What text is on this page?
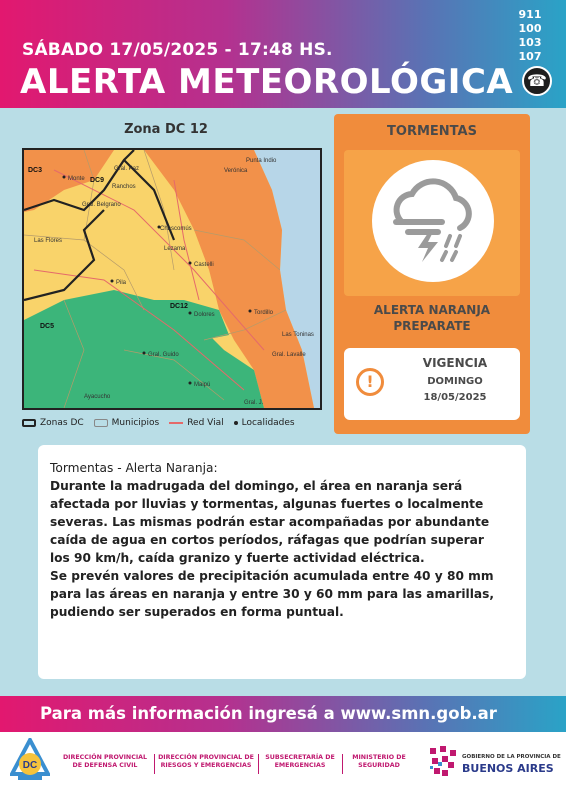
SÁBADO 17/05/2025 - 17:48 HS.
ALERTA METEOROLÓGICA
911
100
103
107
☎
Zona DC 12
DC3
DC9
DC12
DC5
Monte
Gral. Paz
Ranchos
Chascomús
Punta Indio
Verónica
Gral. Belgrano
Lezama
Las Flores
Castelli
Pila
Dolores	Tordillo
Las Toninas
Gral. Guido	Gral. Lavalle
Maipú
Ayacucho
Gral. J.
Zonas DC	Municipios	Red Vial Localidades
TORMENTAS
ALERTA NARANJA
PREPARATE
!
VIGENCIA
DOMINGO
18/05/2025
Tormentas - Alerta Naranja:
Durante la madrugada del domingo, el área en naranja será
afectada por lluvias y tormentas, algunas fuertes o localmente
severas. Las mismas podrán estar acompañadas por abundante
caída de agua en cortos períodos, ráfagas que podrían superar
los 90 km/h, caída granizo y fuerte actividad eléctrica.
Se prevén valores de precipitación acumulada entre 40 y 80 mm
para las áreas en naranja y entre 30 y 60 mm para las amarillas,
pudiendo ser superados en forma puntual.
Para más información ingresá a www.smn.gob.ar
DC
DIRECCIÓN PROVINCIAL
DE DEFENSA CIVIL
DIRECCIÓN PROVINCIAL DE
RIESGOS Y EMERGENCIAS
SUBSECRETARÍA DE
EMERGENCIAS
MINISTERIO DE
SEGURIDAD
GOBIERNO DE LA PROVINCIA DE
BUENOS AIRES
